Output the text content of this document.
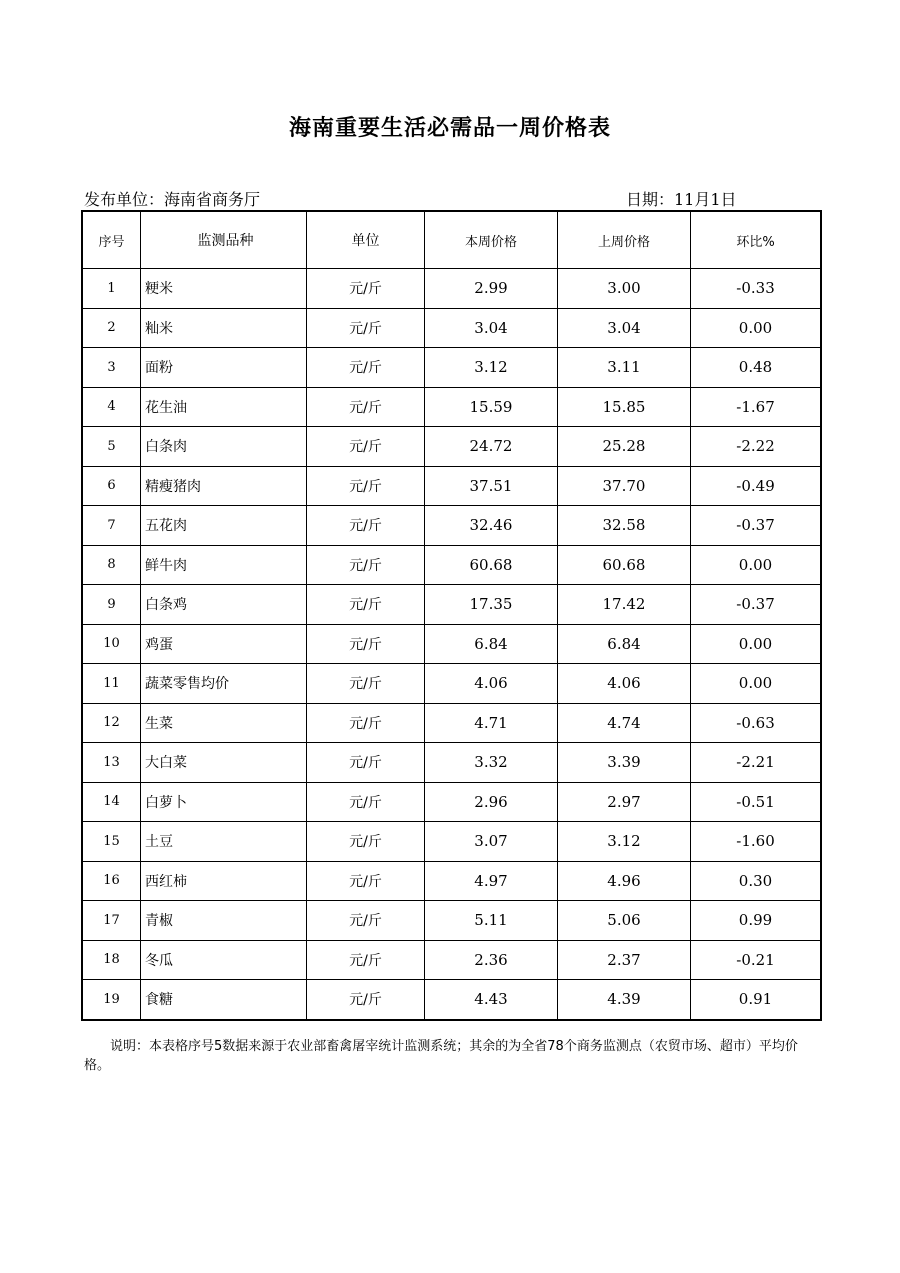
海南重要生活必需品一周价格表
发布单位：海南省商务厅	日期：11月1日
序号	监测品种	单位	本周价格	上周价格	环比%
1	粳米	元/斤	2.99	3.00	-0.33
2	籼米	元/斤	3.04	3.04	0.00
3	面粉	元/斤	3.12	3.11	0.48
4	花生油	元/斤	15.59	15.85	-1.67
5	白条肉	元/斤	24.72	25.28	-2.22
6	精瘦猪肉	元/斤	37.51	37.70	-0.49
7	五花肉	元/斤	32.46	32.58	-0.37
8	鲜牛肉	元/斤	60.68	60.68	0.00
9	白条鸡	元/斤	17.35	17.42	-0.37
10	鸡蛋	元/斤	6.84	6.84	0.00
11	蔬菜零售均价	元/斤	4.06	4.06	0.00
12	生菜	元/斤	4.71	4.74	-0.63
13	大白菜	元/斤	3.32	3.39	-2.21
14	白萝卜	元/斤	2.96	2.97	-0.51
15	土豆	元/斤	3.07	3.12	-1.60
16	西红柿	元/斤	4.97	4.96	0.30
17	青椒	元/斤	5.11	5.06	0.99
18	冬瓜	元/斤	2.36	2.37	-0.21
19	食糖	元/斤	4.43	4.39	0.91
说明：本表格序号5数据来源于农业部畜禽屠宰统计监测系统；其余的为全省78个商务监测点（农贸市场、超市）平均价格。
